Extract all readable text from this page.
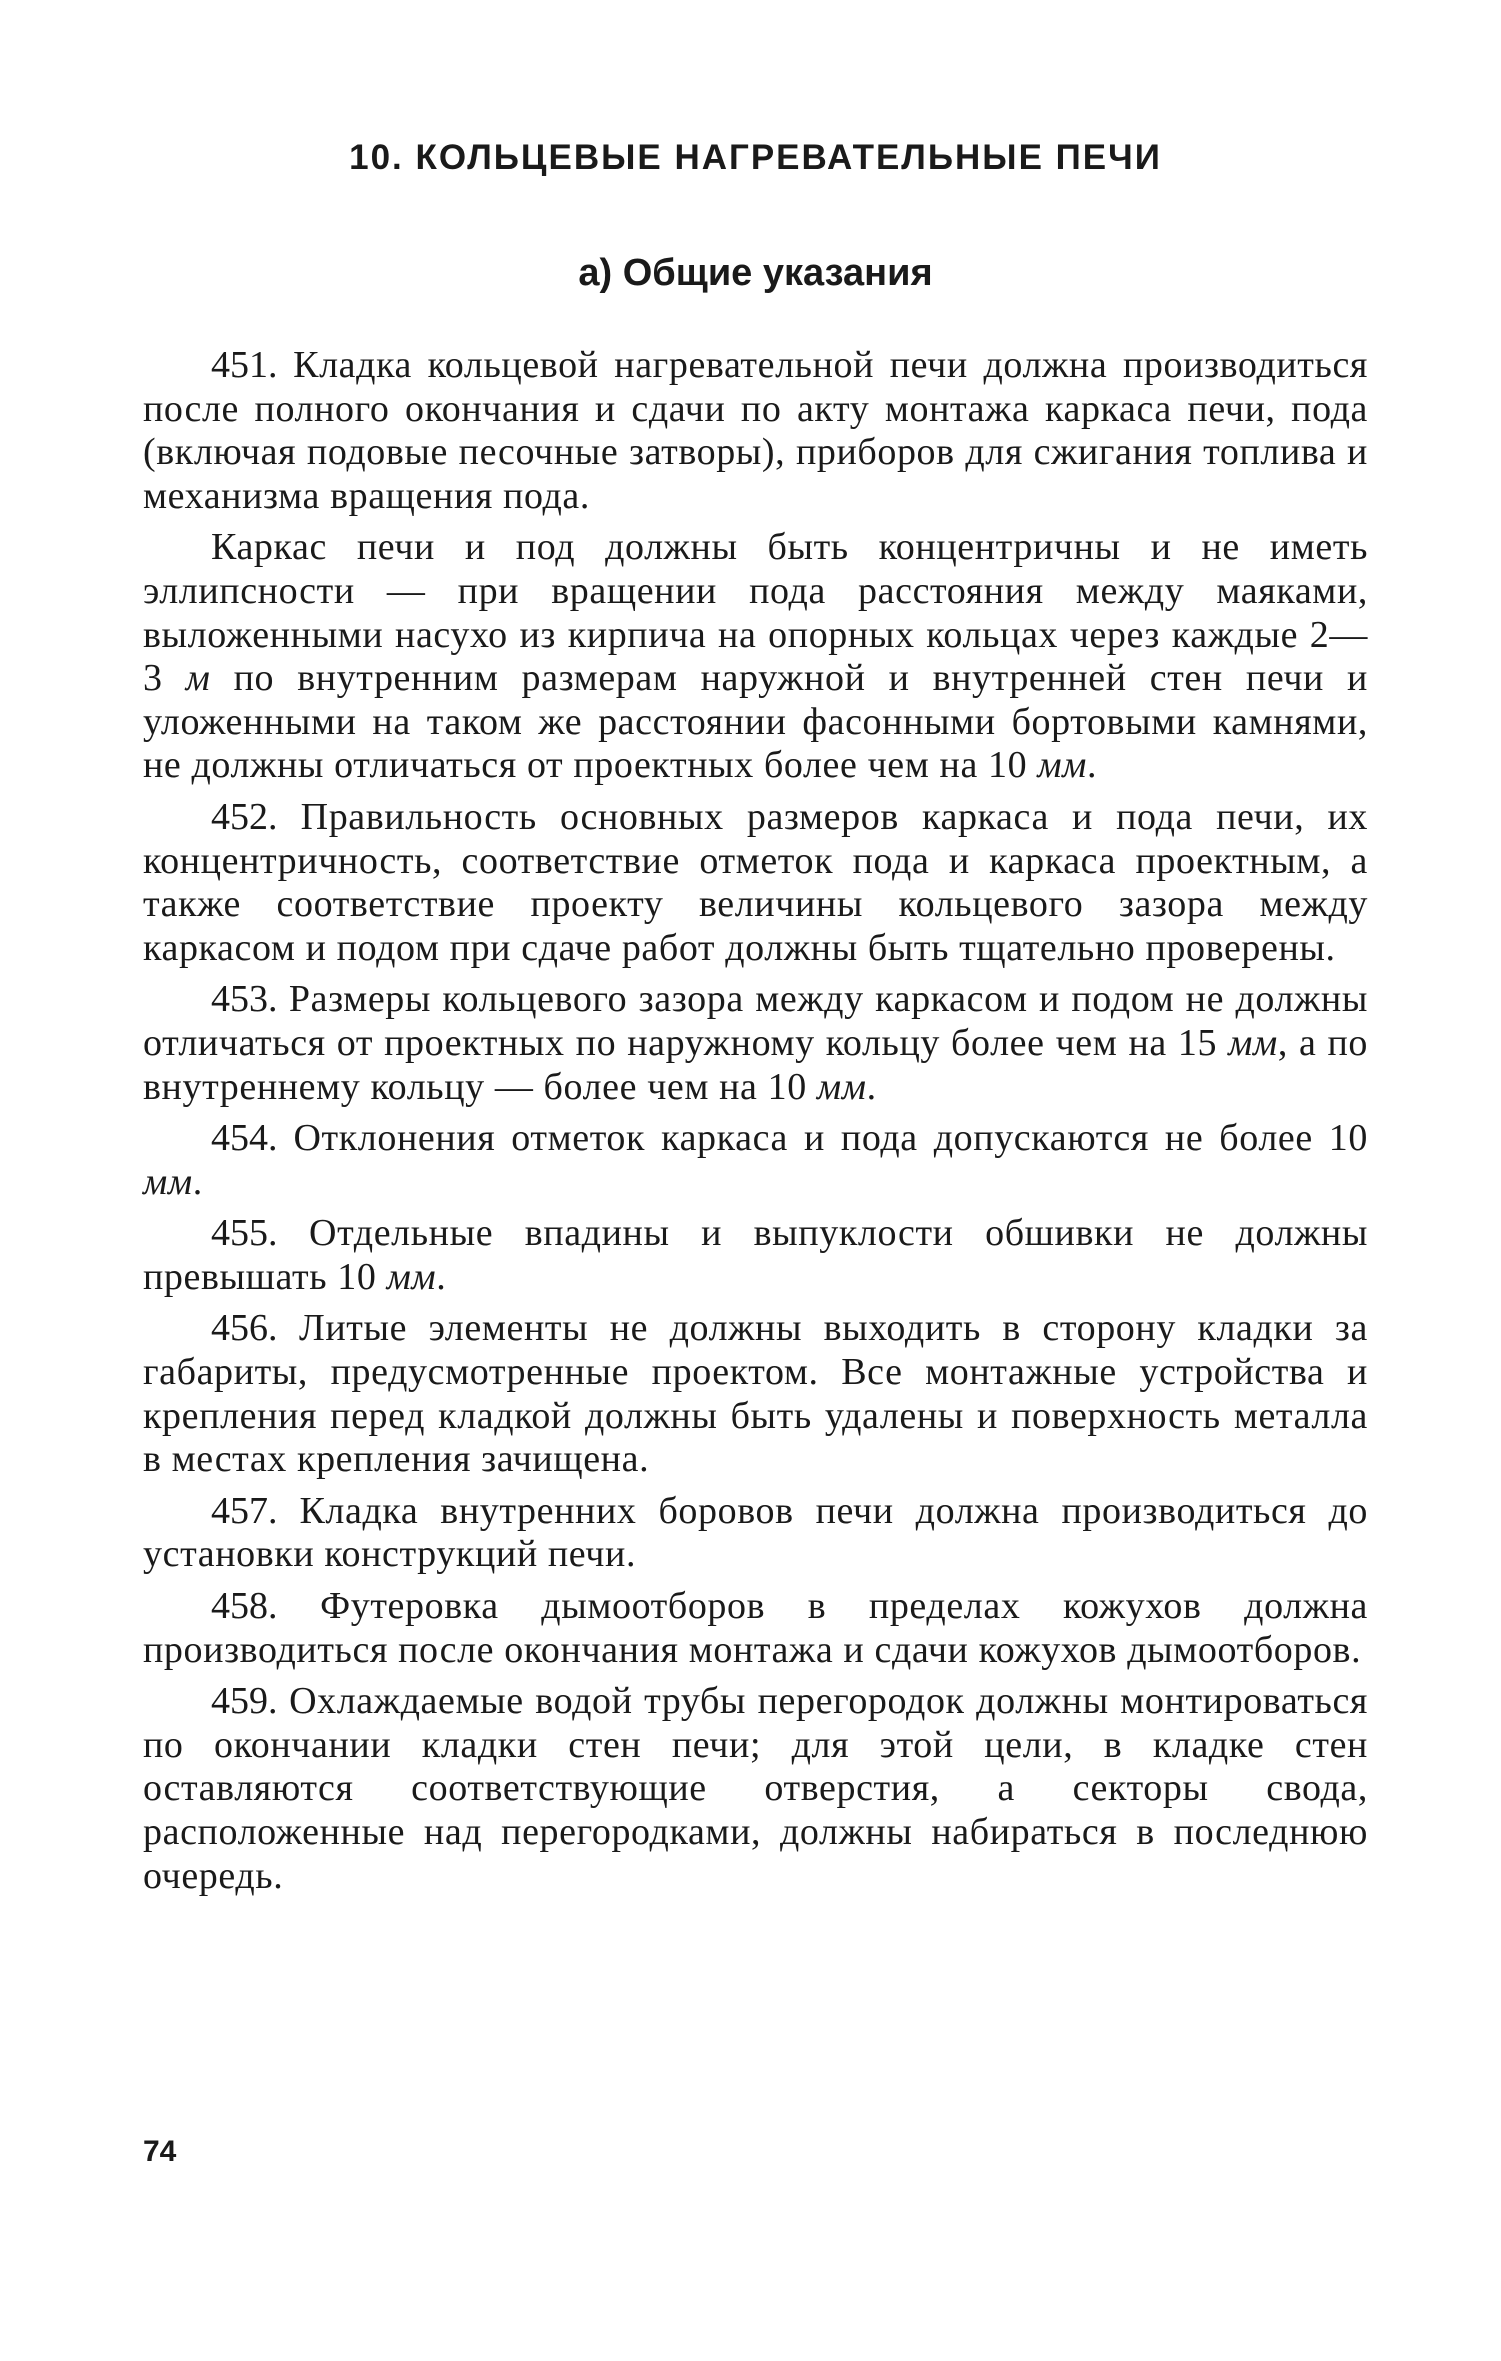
10. КОЛЬЦЕВЫЕ НАГРЕВАТЕЛЬНЫЕ ПЕЧИ
а) Общие указания

451. Кладка кольцевой нагревательной печи должна производиться после полного окончания и сдачи по акту монтажа каркаса печи, пода (включая подовые песочные затворы), приборов для сжигания топлива и механизма вращения пода.

Каркас печи и под должны быть концентричны и не иметь эллипсности — при вращении пода расстояния между маяками, выложенными насухо из кирпича на опорных кольцах через каждые 2—3 м по внутренним размерам наружной и внутренней стен печи и уложенными на таком же расстоянии фасонными бортовыми камнями, не должны отличаться от проектных более чем на 10 мм.

452. Правильность основных размеров каркаса и пода печи, их концентричность, соответствие отметок пода и каркаса проектным, а также соответствие проекту величины кольцевого зазора между каркасом и подом при сдаче работ должны быть тщательно проверены.

453. Размеры кольцевого зазора между каркасом и подом не должны отличаться от проектных по наружному кольцу более чем на 15 мм, а по внутреннему кольцу — более чем на 10 мм.

454. Отклонения отметок каркаса и пода допускаются не более 10 мм.

455. Отдельные впадины и выпуклости обшивки не должны превышать 10 мм.

456. Литые элементы не должны выходить в сторону кладки за габариты, предусмотренные проектом. Все монтажные устройства и крепления перед кладкой должны быть удалены и поверхность металла в местах крепления зачищена.

457. Кладка внутренних боровов печи должна производиться до установки конструкций печи.

458. Футеровка дымоотборов в пределах кожухов должна производиться после окончания монтажа и сдачи кожухов дымоотборов.

459. Охлаждаемые водой трубы перегородок должны монтироваться по окончании кладки стен печи; для этой цели, в кладке стен оставляются соответствующие отверстия, а секторы свода, расположенные над перегородками, должны набираться в последнюю очередь.

74
